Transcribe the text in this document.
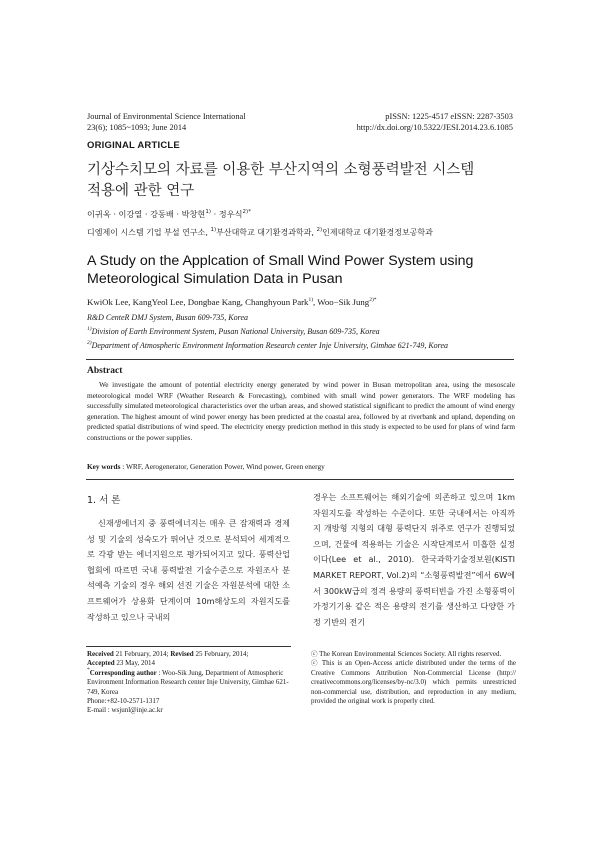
Journal of Environmental Science International
23(6); 1085~1093; June 2014
pISSN: 1225-4517 eISSN: 2287-3503
http://dx.doi.org/10.5322/JESI.2014.23.6.1085
ORIGINAL ARTICLE
기상수치모의 자료를 이용한 부산지역의 소형풍력발전 시스템
적용에 관한 연구
이귀옥 · 이강열 · 강동배 · 박창현$^{1)}$ · 정우식$^{2)*}$
디엠제이 시스템 기업 부설 연구소, $^{1)}$부산대학교 대기환경과학과, $^{2)}$인제대학교 대기환경정보공학과
A Study on the Applcation of Small Wind Power System using Meteorological Simulation Data in Pusan
KwiOk Lee, KangYeol Lee, Dongbae Kang, Changhyoun Park$^{1)}$, Woo−Sik Jung$^{2)*}$
R&D CenteR DMJ System, Busan 609-735, Korea
$^{1)}$Division of Earth Environment System, Pusan National University, Busan 609-735, Korea
$^{2)}$Department of Atmospheric Environment Information Research center Inje University, Gimhae 621-749, Korea
Abstract
We investigate the amount of potential electricity energy generated by wind power in Busan metropolitan area, using the mesoscale meteorological model WRF (Weather Research & Forecasting), combined with small wind power generators. The WRF modeling has successfully simulated meteorological characteristics over the urban areas, and showed statistical significant to predict the amount of wind energy generation. The highest amount of wind power energy has been predicted at the coastal area, followed by at riverbank and upland, depending on predicted spatial distributions of wind speed. The electricity energy prediction method in this study is expected to be used for plans of wind farm constructions or the power supplies.
Key words : WRF, Aerogenerator, Generation Power, Wind power, Green energy
1. 서 론
신재생에너지 중 풍력에너지는 매우 큰 잠재력과 경제성 및 기술의 성숙도가 뛰어난 것으로 분석되어 세계적으로 각광 받는 에너지원으로 평가되어지고 있다. 풍력산업협회에 따르면 국내 풍력발전 기술수준으로 자원조사 분석예측 기술의 경우 해외 선진 기술은 자원분석에 대한 소프트웨어가 상용화 단계이며 10m해상도의 자원지도를 작성하고 있으나 국내의
경우는 소프트웨어는 해외기술에 의존하고 있으며 1km자원지도를 작성하는 수준이다. 또한 국내에서는 아직까지 개방형 지형의 대형 풍력단지 위주로 연구가 진행되었으며, 건물에 적용하는 기술은 시작단계로서 미흡한 실정이다(Lee et al., 2010). 한국과학기술정보원(KISTI MARKET REPORT, Vol.2)의 “소형풍력발전”에서 6W에서 300kW급의 정격 용량의 풍력터빈을 가진 소형풍력이 가정기기용 같은 적은 용량의 전기를 생산하고 다양한 가정 기반의 전기
Received 21 February, 2014; Revised 25 February, 2014;
Accepted 23 May, 2014
*Corresponding author : Woo-Sik Jung, Department of Atmospheric Environment Information Research center Inje University, Gimhae 621-749, Korea
Phone:+82-10-2571-1317
E-mail : wsjunl@inje.ac.kr
ⓒ The Korean Environmental Sciences Society. All rights reserved.
ⓒ This is an Open-Access article distributed under the terms of the Creative Commons Attribution Non-Commercial License (http:// creativecommons.org/licenses/by-nc/3.0) which permits unrestricted non-commercial use, distribution, and reproduction in any medium, provided the original work is properly cited.
